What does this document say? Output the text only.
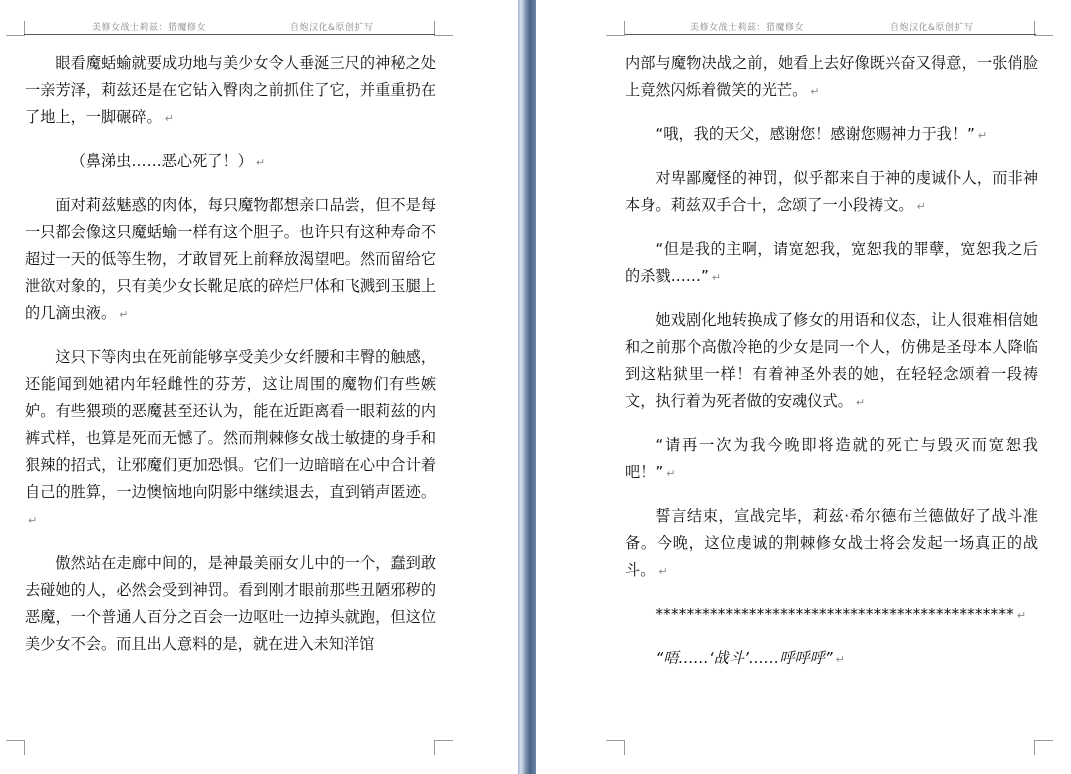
美修女战士莉兹：猎魔修女	自炮汉化&原创扩写

眼看魔蛞蝓就要成功地与美少女令人垂涎三尺的神秘之处一亲芳泽，莉兹还是在它钻入臀肉之前抓住了它，并重重扔在了地上，一脚碾碎。 ↵

（鼻涕虫……恶心死了！） ↵

面对莉兹魅惑的肉体，每只魔物都想亲口品尝，但不是每一只都会像这只魔蛞蝓一样有这个胆子。也许只有这种寿命不超过一天的低等生物，才敢冒死上前释放渴望吧。然而留给它泄欲对象的，只有美少女长靴足底的碎烂尸体和飞溅到玉腿上的几滴虫液。 ↵

这只下等肉虫在死前能够享受美少女纤腰和丰臀的触感，还能闻到她裙内年轻雌性的芬芳，这让周围的魔物们有些嫉妒。有些猥琐的恶魔甚至还认为，能在近距离看一眼莉兹的内裤式样，也算是死而无憾了。然而荆棘修女战士敏捷的身手和狠辣的招式，让邪魔们更加恐惧。它们一边暗暗在心中合计着自己的胜算，一边懊恼地向阴影中继续退去，直到销声匿迹。↵

傲然站在走廊中间的，是神最美丽女儿中的一个，蠢到敢去碰她的人，必然会受到神罚。看到刚才眼前那些丑陋邪秽的恶魔，一个普通人百分之百会一边呕吐一边掉头就跑，但这位美少女不会。而且出人意料的是，就在进入未知洋馆

美修女战士莉兹：猎魔修女	自炮汉化&原创扩写

内部与魔物决战之前，她看上去好像既兴奋又得意，一张俏脸上竟然闪烁着微笑的光芒。 ↵

“哦，我的天父，感谢您！感谢您赐神力于我！” ↵

对卑鄙魔怪的神罚，似乎都来自于神的虔诚仆人，而非神本身。莉兹双手合十，念颂了一小段祷文。 ↵

“但是我的主啊，请宽恕我，宽恕我的罪孽，宽恕我之后的杀戮……” ↵

她戏剧化地转换成了修女的用语和仪态，让人很难相信她和之前那个高傲冷艳的少女是同一个人，仿佛是圣母本人降临到这粘狱里一样！有着神圣外表的她，在轻轻念颂着一段祷文，执行着为死者做的安魂仪式。 ↵

“请再一次为我今晚即将造就的死亡与毁灭而宽恕我吧！” ↵

誓言结束，宣战完毕，莉兹·希尔德布兰德做好了战斗准备。今晚，这位虔诚的荆棘修女战士将会发起一场真正的战斗。 ↵

********************************************** ↵

“唔……‘战斗’……呼呼呼” ↵
